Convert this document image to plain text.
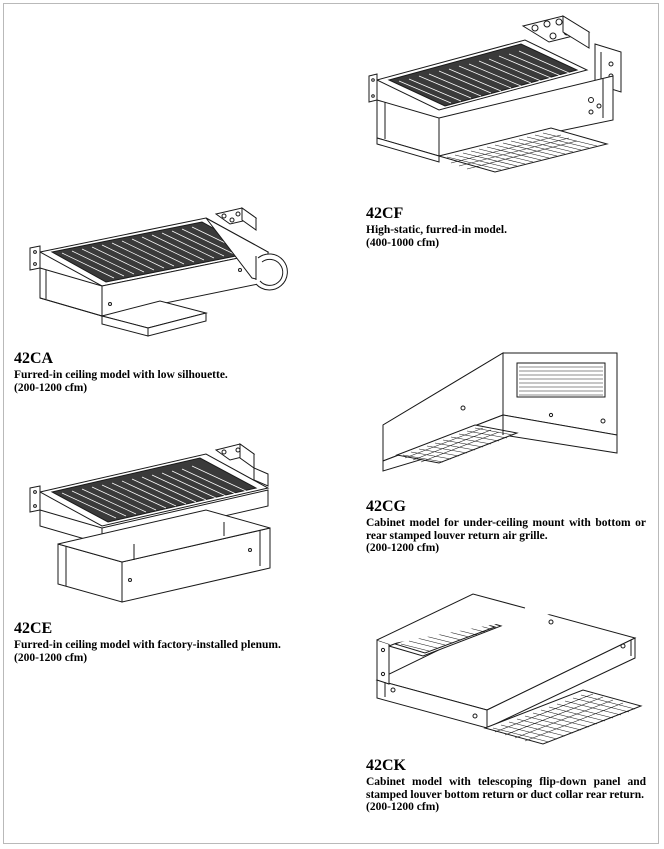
42CA
Furred-in ceiling model with low silhouette.
(200-1200 cfm)
42CE
Furred-in ceiling model with factory-installed plenum.
(200-1200 cfm)
42CF
High-static, furred-in model.
(400-1000 cfm)
42CG
Cabinet model for under-ceiling mount with bottom or rear stamped louver return air grille.
(200-1200 cfm)
42CK
Cabinet model with telescoping flip-down panel and stamped louver bottom return or duct collar rear return.
(200-1200 cfm)
